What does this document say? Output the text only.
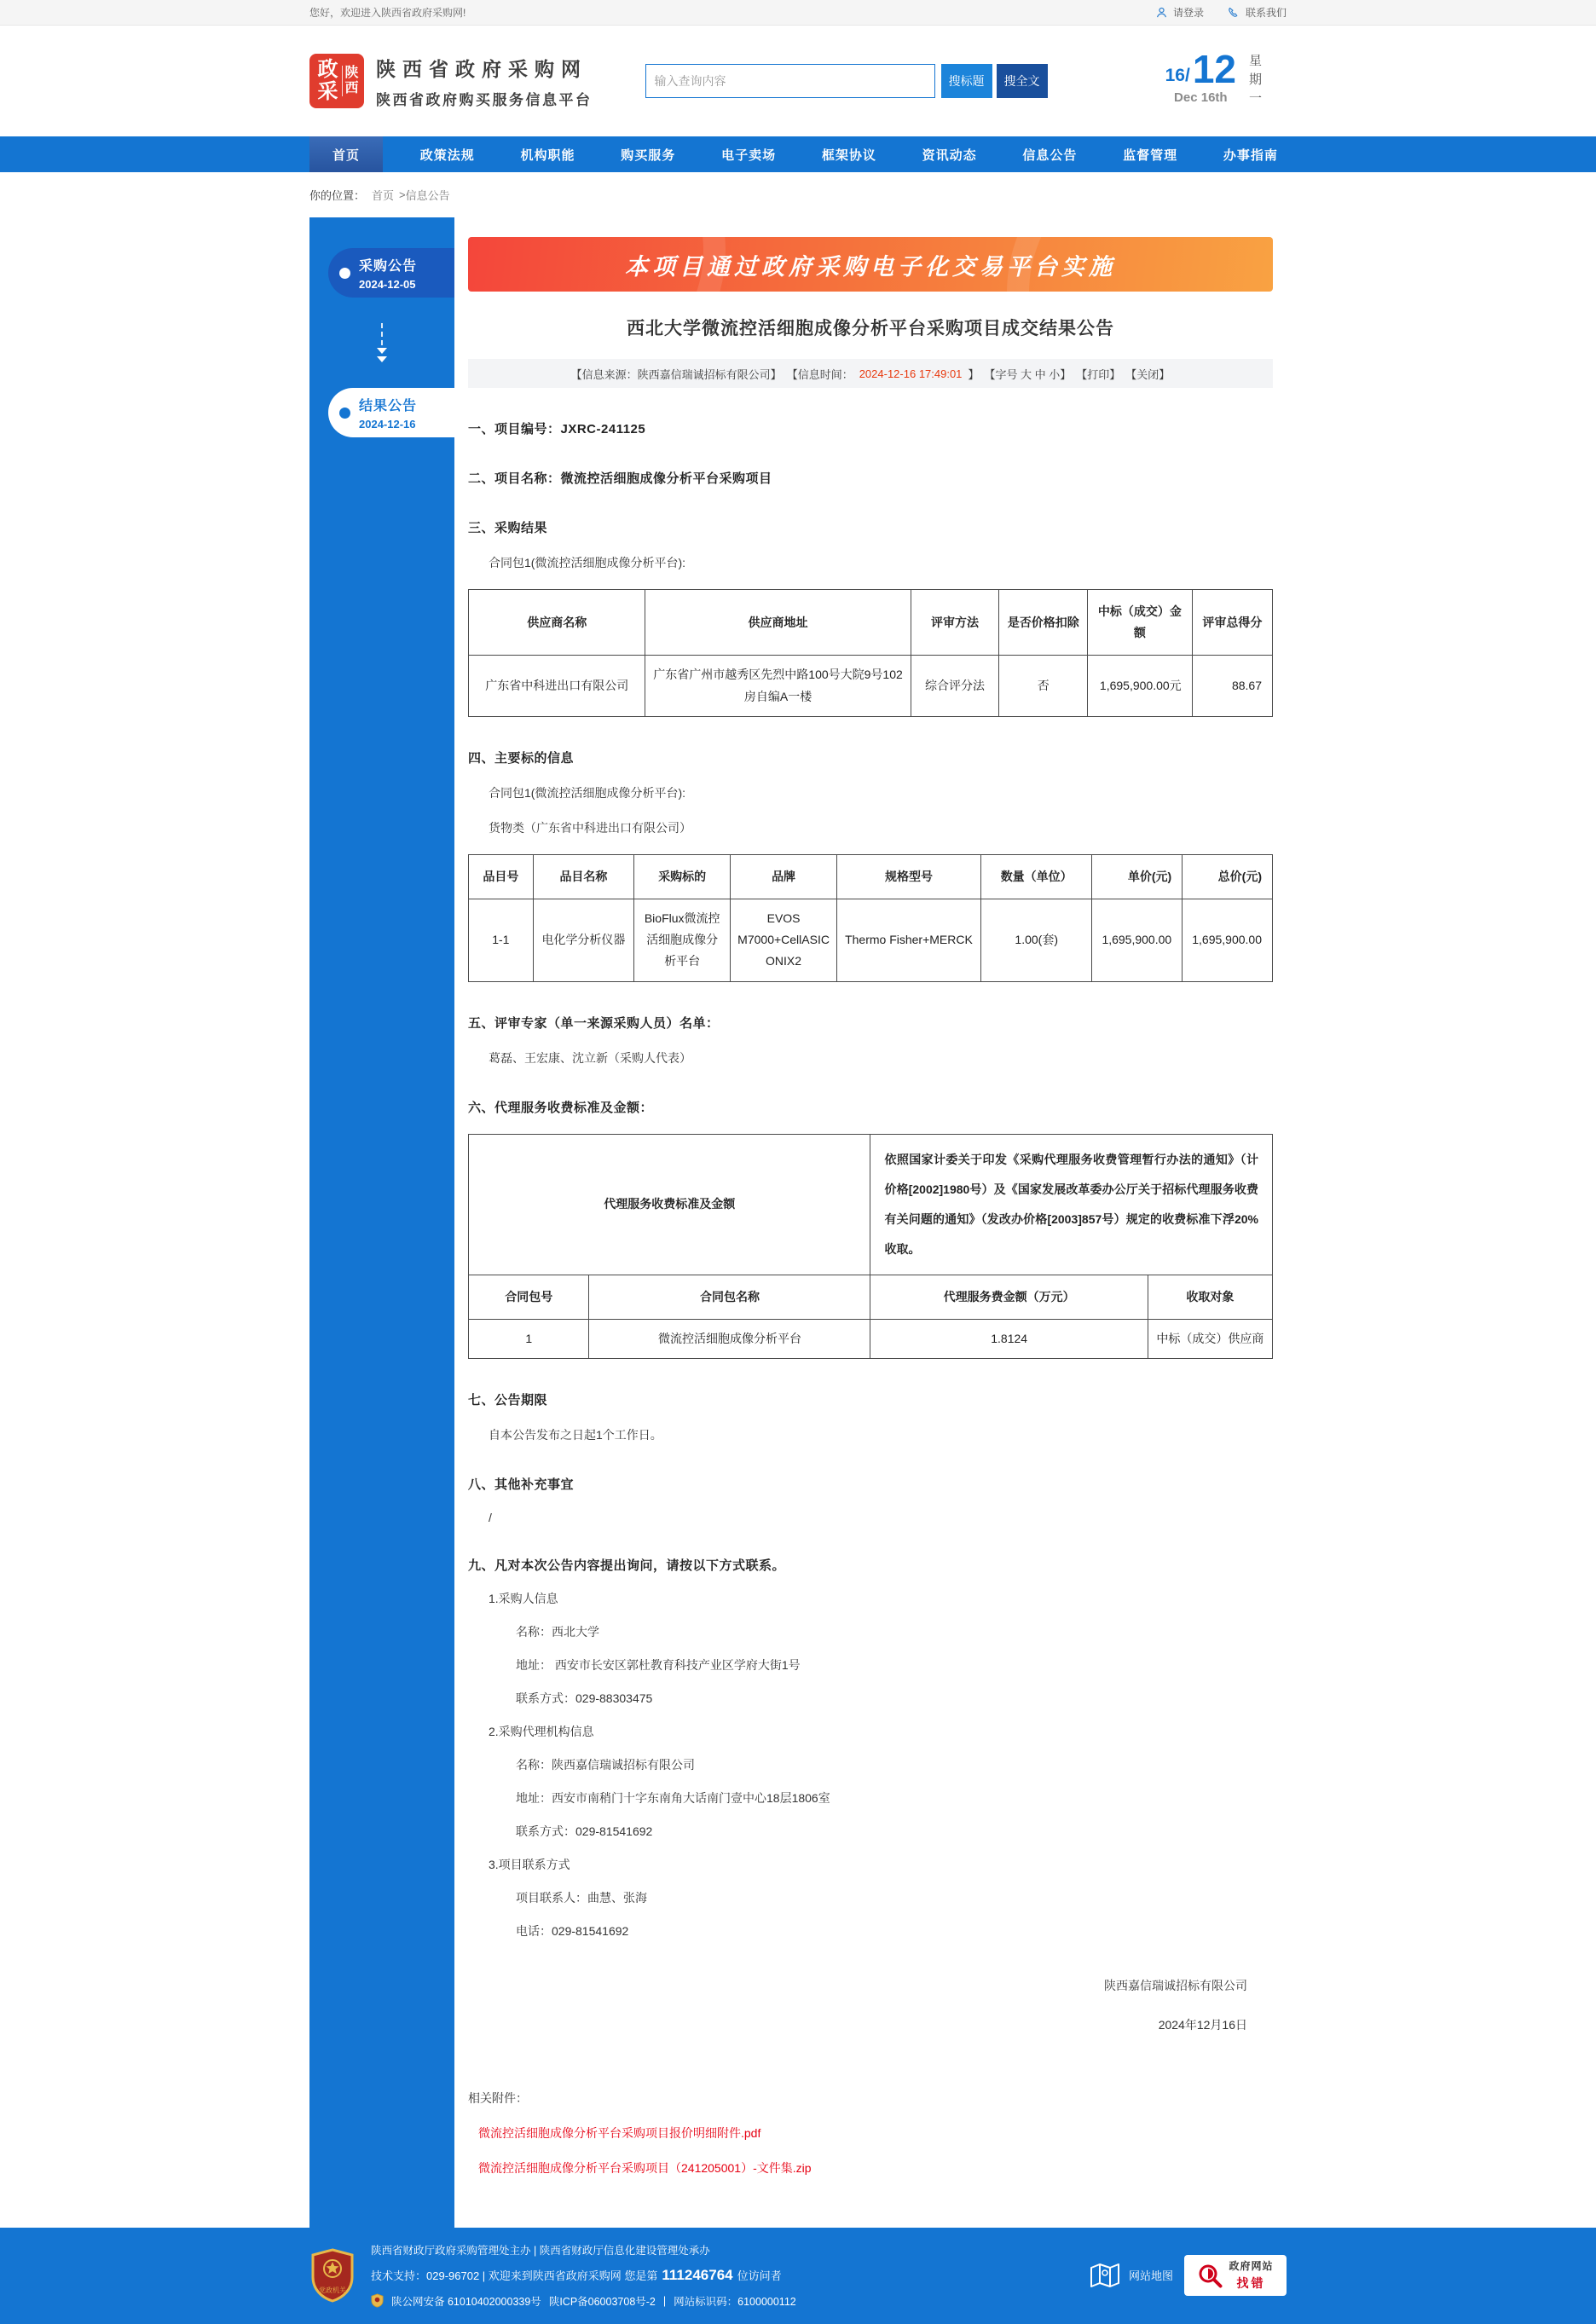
您好，欢迎进入陕西省政府采购网!	请登录	联系我们
政采
陕西
陕西省政府采购网
陕西省政府购买服务信息平台
输入查询内容
搜标题	搜全文	16 / 12
Dec 16th	星期一
首页	政策法规	机构职能	购买服务	电子卖场	框架协议	资讯动态	信息公告	监督管理	办事指南
你的位置： 首页 > 信息公告
采购公告
2024-12-05
结果公告
2024-12-16
本项目通过政府采购电子化交易平台实施
西北大学微流控活细胞成像分析平台采购项目成交结果公告
【信息来源：陕西嘉信瑞诚招标有限公司】 【信息时间： 2024-12-16 17:49:01 】 【字号 大 中 小】 【打印】 【关闭】
一、项目编号：JXRC-241125
二、项目名称：微流控活细胞成像分析平台采购项目
三、采购结果
合同包1(微流控活细胞成像分析平台):
供应商名称	供应商地址	评审方法	是否价格扣除	中标（成交）金额	评审总得分
广东省中科进出口有限公司	广东省广州市越秀区先烈中路100号大院9号102房自编A一楼	综合评分法	否	1,695,900.00元	88.67
四、主要标的信息
合同包1(微流控活细胞成像分析平台):
货物类（广东省中科进出口有限公司）
品目号	品目名称	采购标的	品牌	规格型号	数量（单位）	单价(元)	总价(元)
1-1	电化学分析仪器	BioFlux微流控活细胞成像分析平台	EVOS M7000+CellASIC ONIX2	Thermo Fisher+MERCK	1.00(套)	1,695,900.00	1,695,900.00
五、评审专家（单一来源采购人员）名单：
葛磊、王宏康、沈立新（采购人代表）
六、代理服务收费标准及金额：
代理服务收费标准及金额		依照国家计委关于印发《采购代理服务收费管理暂行办法的通知》（计价格[2002]1980号）及《国家发展改革委办公厅关于招标代理服务收费有关问题的通知》（发改办价格[2003]857号）规定的收费标准下浮20%收取。	
合同包号	合同包名称	代理服务费金额（万元）	收取对象
1	微流控活细胞成像分析平台	1.8124	中标（成交）供应商
七、公告期限
自本公告发布之日起1个工作日。
八、其他补充事宜
/
九、凡对本次公告内容提出询问，请按以下方式联系。
1.采购人信息
名称：西北大学
地址： 西安市长安区郭杜教育科技产业区学府大街1号
联系方式：029-88303475
2.采购代理机构信息
名称：陕西嘉信瑞诚招标有限公司
地址：西安市南稍门十字东南角大话南门壹中心18层1806室
联系方式：029-81541692
3.项目联系方式
项目联系人：曲慧、张海
电话：029-81541692
陕西嘉信瑞诚招标有限公司
2024年12月16日
相关附件：
微流控活细胞成像分析平台采购项目报价明细附件.pdf
微流控活细胞成像分析平台采购项目（241205001）-文件集.zip
党政机关
陕西省财政厅政府采购管理处主办 | 陕西省财政厅信息化建设管理处承办
技术支持：029-96702 | 欢迎来到陕西省政府采购网 您是第 111246764 位访问者
陕公网安备 61010402000339号 陕ICP备06003708号-2 | 网站标识码：6100000112
网站地图
政府网站
找错
